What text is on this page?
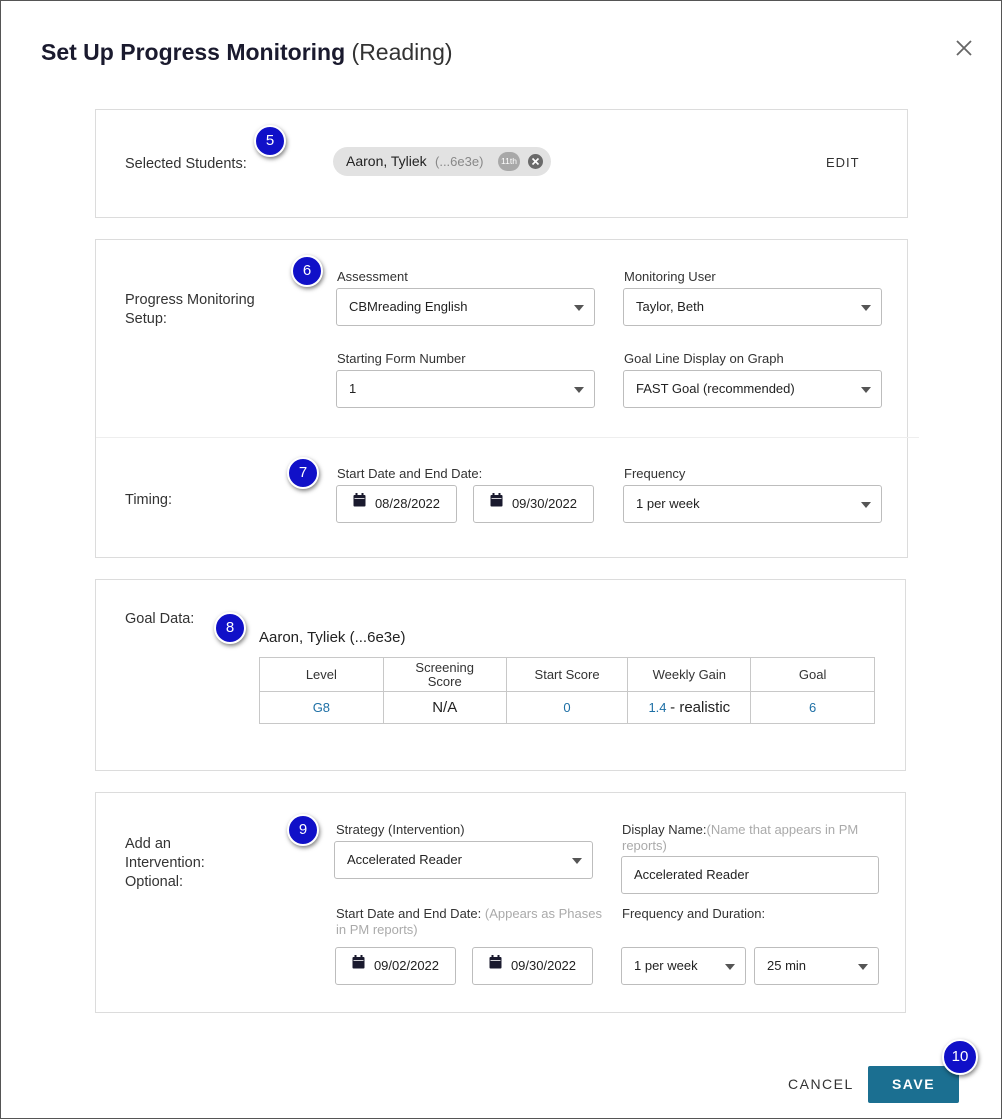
Set Up Progress Monitoring (Reading)
Selected Students:	Aaron, Tyliek (...6e3e)	11th	EDIT
Progress Monitoring Setup:
Assessment
CBMreading English
Monitoring User
Taylor, Beth
Starting Form Number
1
Goal Line Display on Graph
FAST Goal (recommended)
Timing:
Start Date and End Date:
08/28/2022	09/30/2022
Frequency
1 per week
Goal Data:
Aaron, Tyliek (...6e3e)
Level	Screening Score	Start Score	Weekly Gain	Goal
G8	N/A	0	1.4 - realistic	6
Add an Intervention: Optional:
Strategy (Intervention)
Accelerated Reader
Display Name:(Name that appears in PM reports)
Accelerated Reader
Start Date and End Date: (Appears as Phases in PM reports)
09/02/2022	09/30/2022
Frequency and Duration:
1 per week	25 min
CANCEL	SAVE
5
6
7
8
9
10
